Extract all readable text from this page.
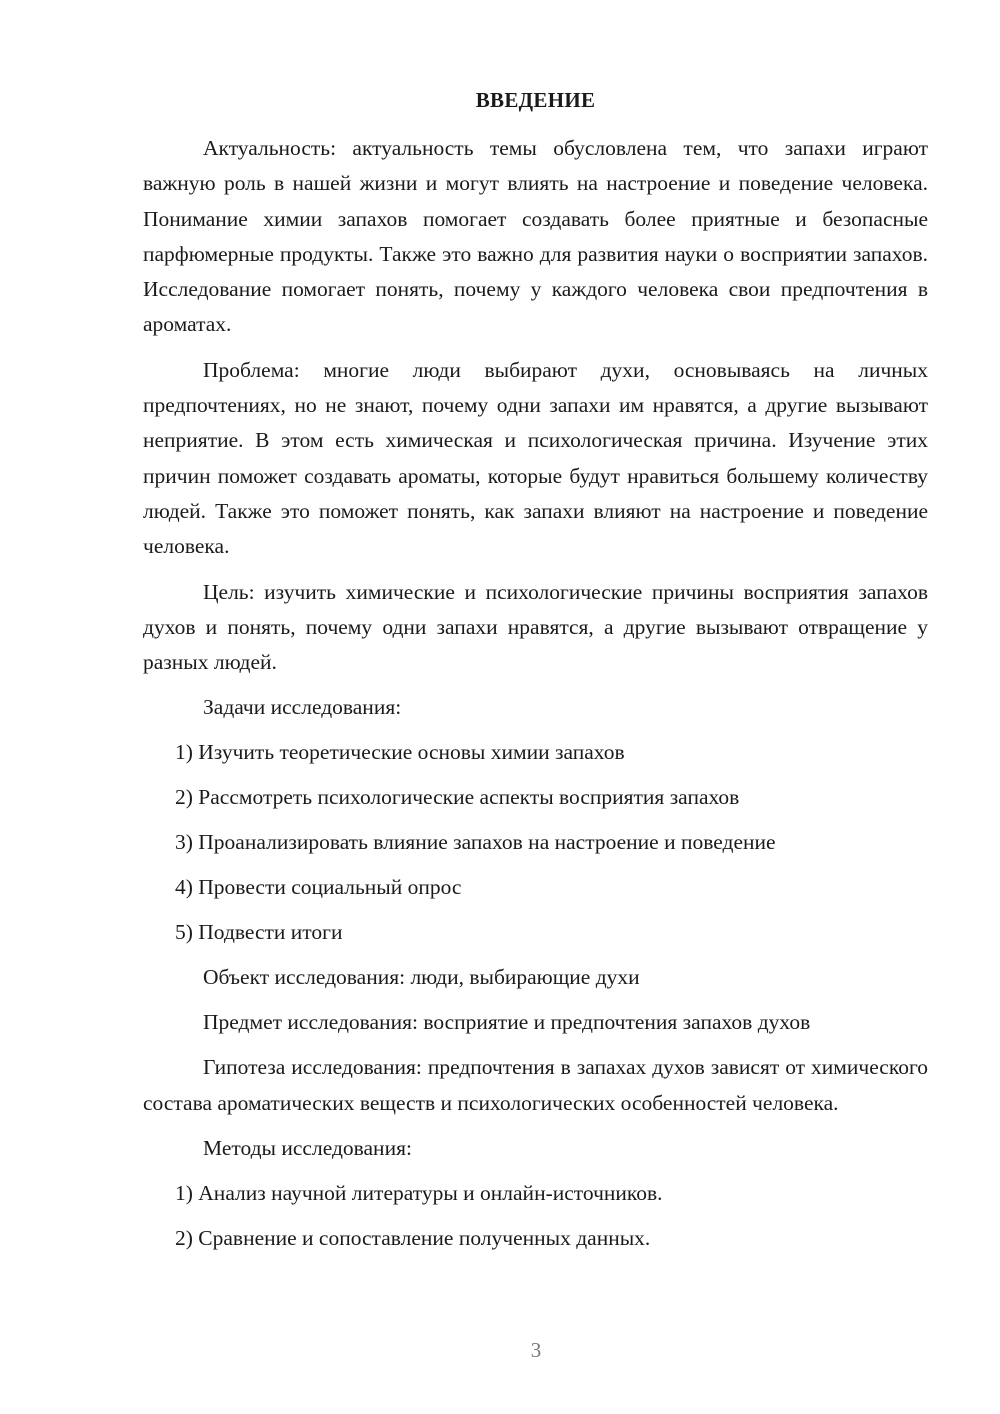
ВВЕДЕНИЕ

Актуальность: актуальность темы обусловлена тем, что запахи играют важную роль в нашей жизни и могут влиять на настроение и поведение человека. Понимание химии запахов помогает создавать более приятные и безопасные парфюмерные продукты. Также это важно для развития науки о восприятии запахов. Исследование помогает понять, почему у каждого человека свои предпочтения в ароматах.

Проблема: многие люди выбирают духи, основываясь на личных предпочтениях, но не знают, почему одни запахи им нравятся, а другие вызывают неприятие. В этом есть химическая и психологическая причина. Изучение этих причин поможет создавать ароматы, которые будут нравиться большему количеству людей. Также это поможет понять, как запахи влияют на настроение и поведение человека.

Цель: изучить химические и психологические причины восприятия запахов духов и понять, почему одни запахи нравятся, а другие вызывают отвращение у разных людей.

Задачи исследования:
1) Изучить теоретические основы химии запахов
2) Рассмотреть психологические аспекты восприятия запахов
3) Проанализировать влияние запахов на настроение и поведение
4) Провести социальный опрос
5) Подвести итоги
Объект исследования: люди, выбирающие духи
Предмет исследования: восприятие и предпочтения запахов духов

Гипотеза исследования: предпочтения в запахах духов зависят от химического состава ароматических веществ и психологических особенностей человека.

Методы исследования:
1) Анализ научной литературы и онлайн-источников.
2) Сравнение и сопоставление полученных данных.
3
